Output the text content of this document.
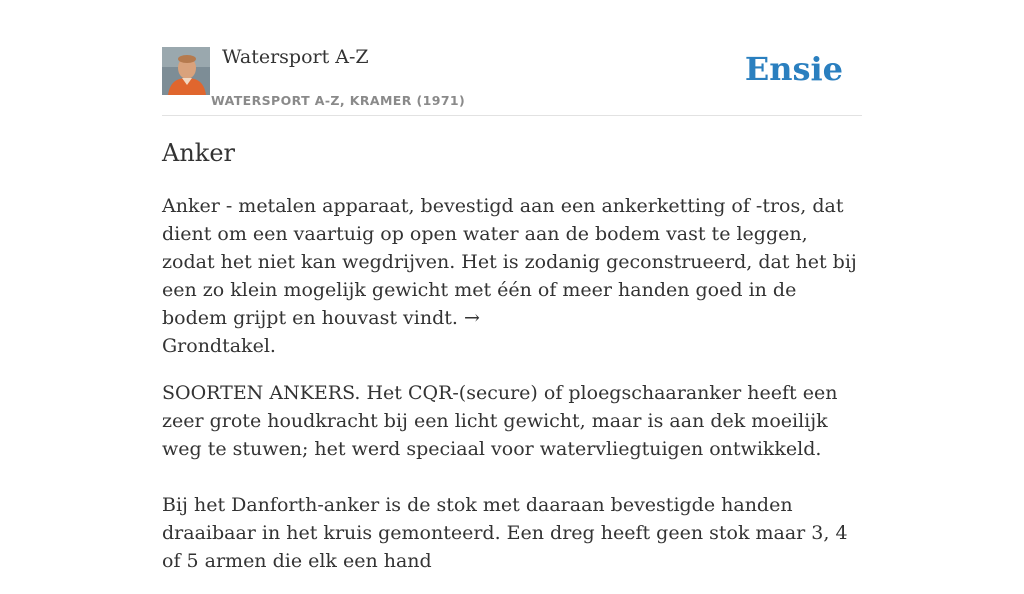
Watersport A-Z
WATERSPORT A-Z, KRAMER (1971)
Ensie
Anker

Anker - metalen apparaat, bevestigd aan een ankerketting of -tros, dat dient om een vaartuig op open water aan de bodem vast te leggen, zodat het niet kan wegdrijven. Het is zodanig geconstrueerd, dat het bij een zo klein mogelijk gewicht met één of meer handen goed in de bodem grijpt en houvast vindt. →
Grondtakel.

SOORTEN ANKERS. Het CQR-(secure) of ploegschaaranker heeft een zeer grote houdkracht bij een licht gewicht, maar is aan dek moeilijk weg te stuwen; het werd speciaal voor watervliegtuigen ontwikkeld.

Bij het Danforth-anker is de stok met daaraan bevestigde handen draaibaar in het kruis gemonteerd. Een dreg heeft geen stok maar 3, 4 of 5 armen die elk een hand
